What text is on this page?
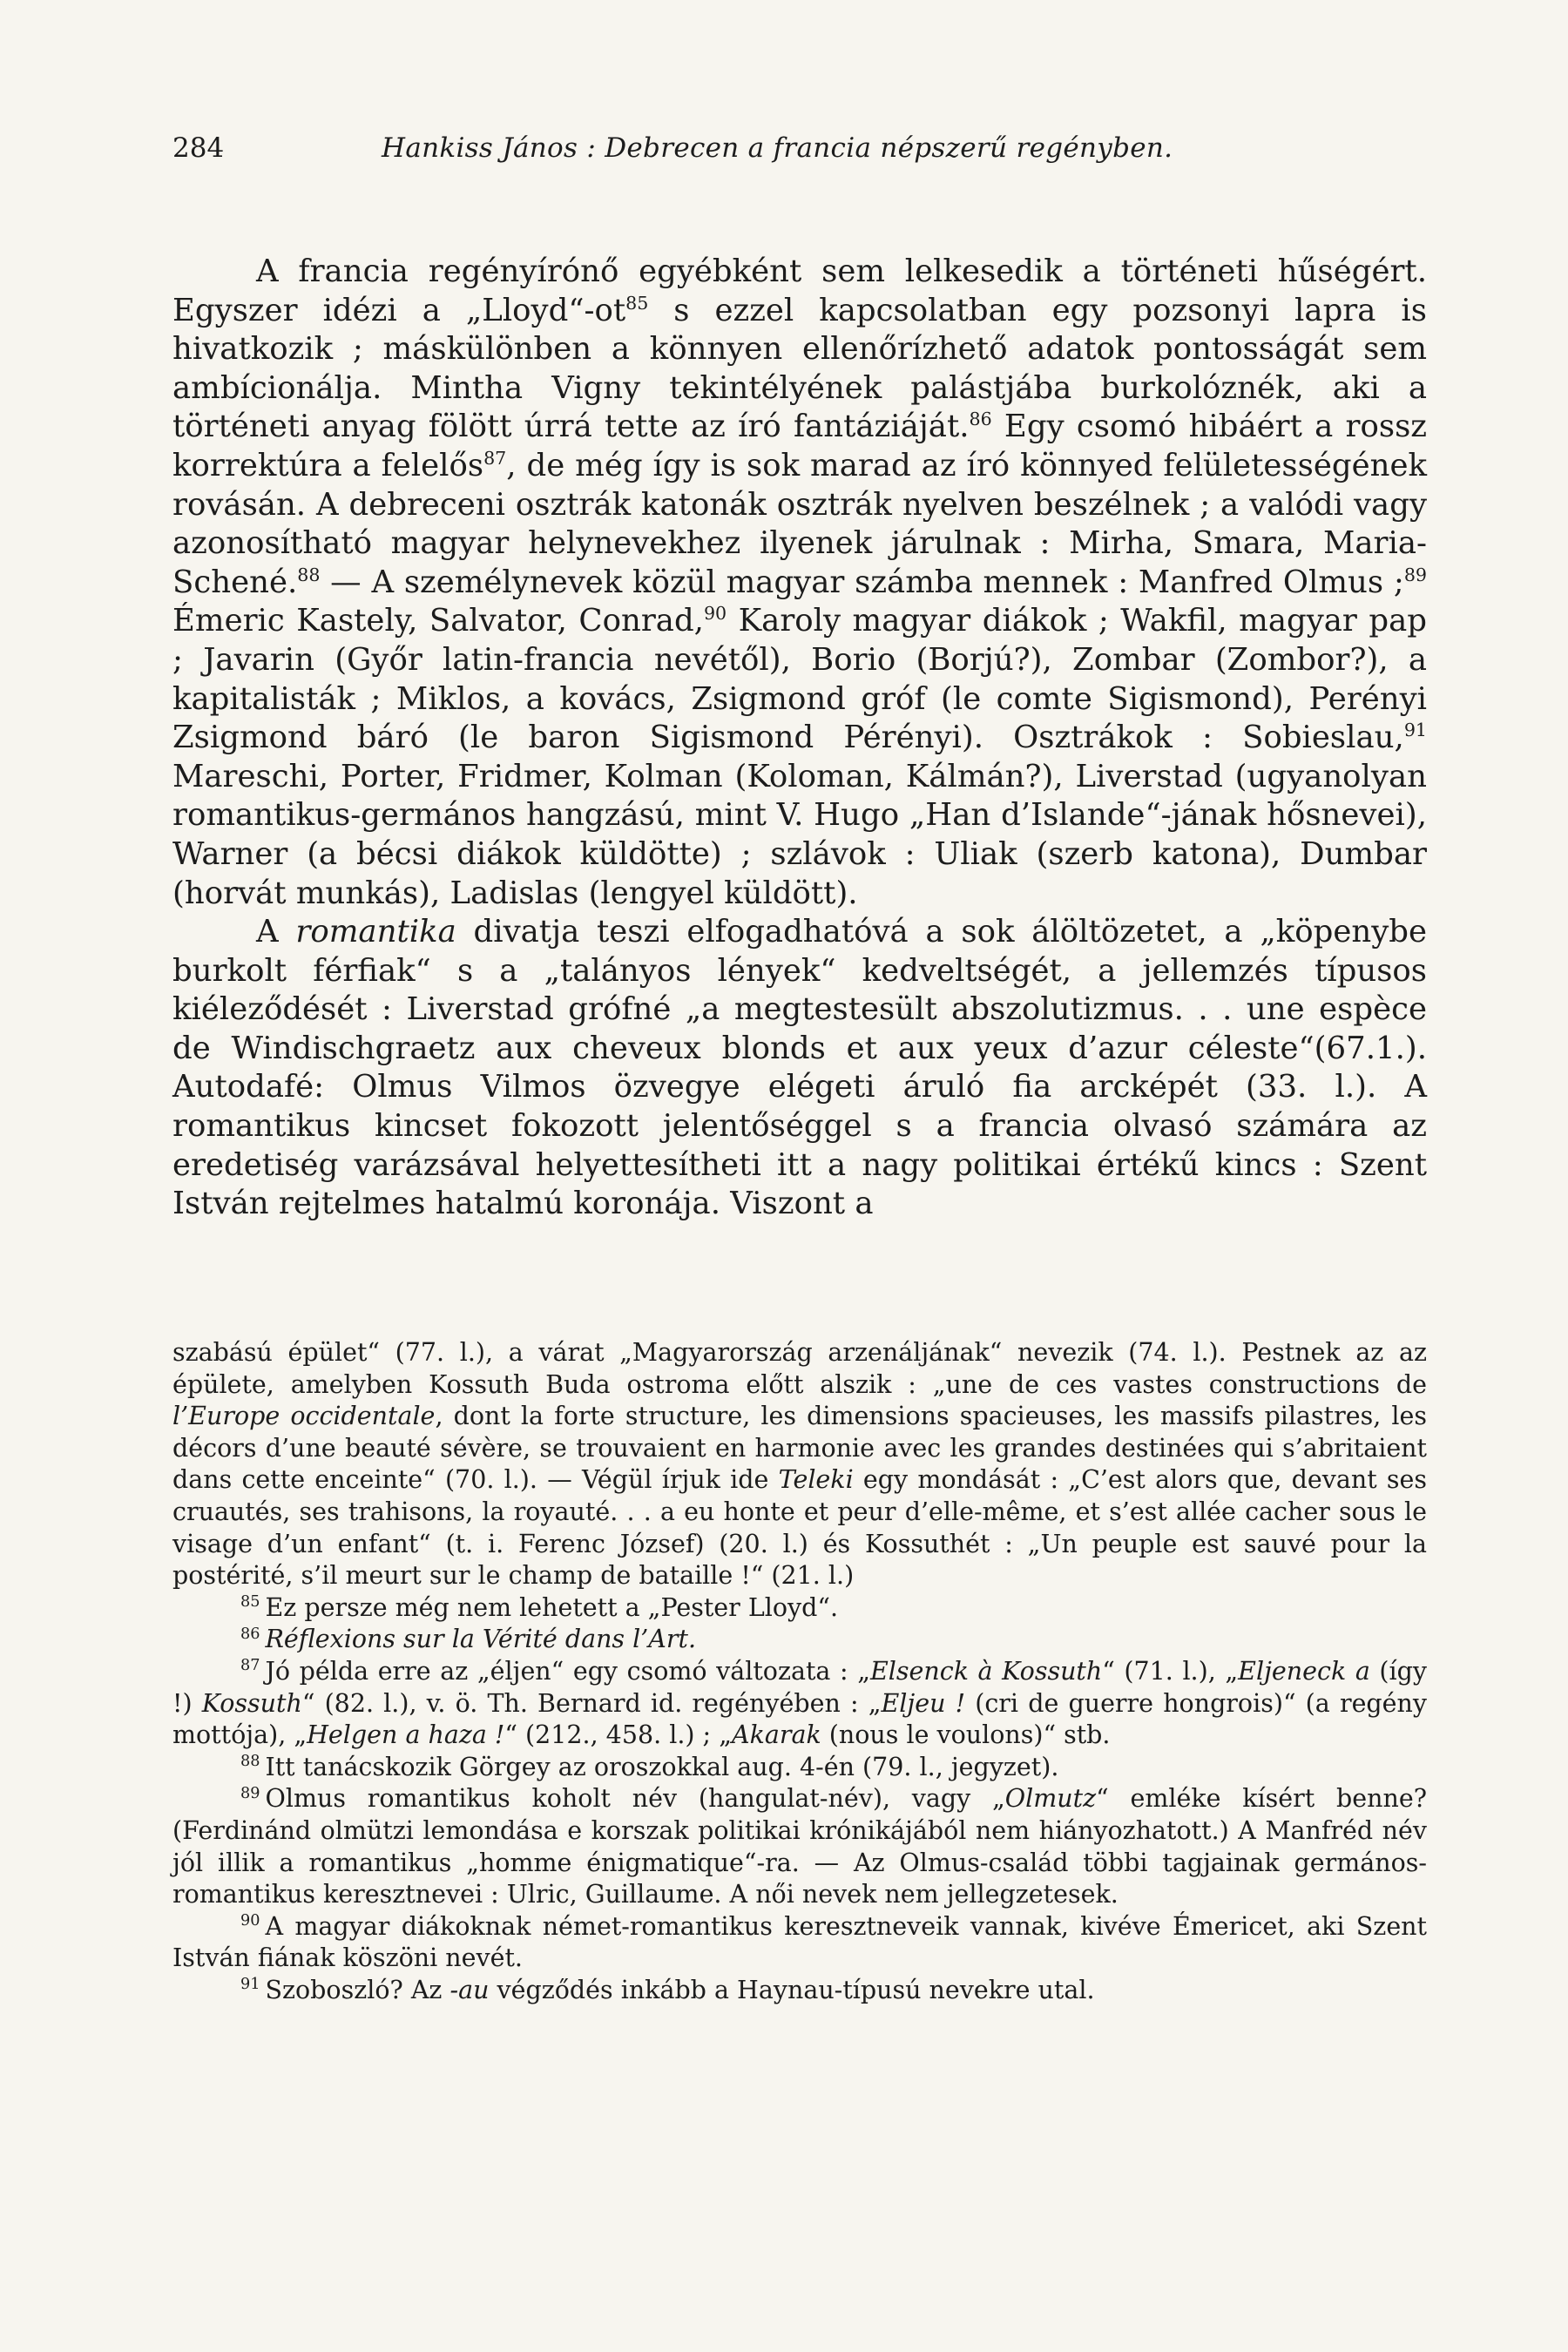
284	Hankiss János : Debrecen a francia népszerű regényben.

A francia regényírónő egyébként sem lelkesedik a történeti hűségért. Egyszer idézi a $„Lloyd“-ot^{85}$ s ezzel kapcsolatban egy pozsonyi lapra is hivatkozik ; máskülönben a könnyen ellenőrízhető adatok pontosságát sem ambícionálja. Mintha Vigny tekintélyének palástjába burkolóznék, aki a történeti anyag fölött úrrá tette az író fantáziáját.$^{86}$ Egy csomó hibáért a rossz korrektúra a felelős$^{87}$, de még így is sok marad az író könnyed felületességének rovásán. A debreceni osztrák katonák osztrák nyelven beszélnek ; a valódi vagy azonosítható magyar helynevekhez ilyenek járulnak : Mirha, Smara, Maria-Schené.$^{88}$ — A személynevek közül magyar számba mennek : Manfred Olmus ;$^{89}$ Émeric Kastely, Salvator, Conrad,$^{90}$ Karoly magyar diákok ; Wakfil, magyar pap ; Javarin (Győr latin-francia nevétől), Borio (Borjú?), Zombar (Zombor?), a kapitalisták ; Miklos, a kovács, Zsigmond gróf (le comte Sigismond), Perényi Zsigmond báró (le baron Sigismond Pérényi). Osztrákok : Sobieslau,$^{91}$ Mareschi, Porter, Fridmer, Kolman (Koloman, Kálmán?), Liverstad (ugyanolyan romantikus-germános hangzású, mint V. Hugo „Han d’Islande“-jának hősnevei), Warner (a bécsi diákok küldötte) ; szlávok : Uliak (szerb katona), Dumbar (horvát munkás), Ladislas (lengyel küldött).

A romantika divatja teszi elfogadhatóvá a sok álöltözetet, a „köpenybe burkolt férfiak“ s a „talányos lények“ kedveltségét, a jellemzés típusos kiéleződését : Liverstad grófné „a megtestesült abszolutizmus. . . une espèce de Windischgraetz aux cheveux blonds et aux yeux d’azur céleste“(67.1.). Autodafé: Olmus Vilmos özvegye elégeti áruló fia arcképét (33. l.). A romantikus kincset fokozott jelentőséggel s a francia olvasó számára az eredetiség varázsával helyettesítheti itt a nagy politikai értékű kincs : Szent István rejtelmes hatalmú koronája. Viszont a

szabású épület“ (77. l.), a várat „Magyarország arzenáljának“ nevezik (74. l.). Pestnek az az épülete, amelyben Kossuth Buda ostroma előtt alszik : „une de ces vastes constructions de l’Europe occidentale, dont la forte structure, les dimensions spacieuses, les massifs pilastres, les décors d’une beauté sévère, se trouvaient en harmonie avec les grandes destinées qui s’abritaient dans cette enceinte“ (70. l.). — Végül írjuk ide Teleki egy mondását : „C’est alors que, devant ses cruautés, ses trahisons, la royauté. . . a eu honte et peur d’elle-même, et s’est allée cacher sous le visage d’un enfant“ (t. i. Ferenc József) (20. l.) és Kossuthét : „Un peuple est sauvé pour la postérité, s’il meurt sur le champ de bataille !“ (21. l.)

$^{85}$ Ez persze még nem lehetett a „Pester Lloyd“.

$^{86}$ Réflexions sur la Vérité dans l’Art.

$^{87}$ Jó példa erre az „éljen“ egy csomó változata : „Elsenck à Kossuth“ (71. l.), „Eljeneck a (így !) Kossuth“ (82. l.), v. ö. Th. Bernard id. regényében : „Eljeu ! (cri de guerre hongrois)“ (a regény mottója), „Helgen a haza !“ (212., 458. l.) ; „Akarak (nous le voulons)“ stb.

$^{88}$ Itt tanácskozik Görgey az oroszokkal aug. 4-én (79. l., jegyzet).

$^{89}$ Olmus romantikus koholt név (hangulat-név), vagy „Olmutz“ emléke kísért benne? (Ferdinánd olmützi lemondása e korszak politikai krónikájából nem hiányozhatott.) A Manfréd név jól illik a romantikus „homme énigmatique“-ra. — Az Olmus-család többi tagjainak germános-romantikus keresztnevei : Ulric, Guillaume. A női nevek nem jellegzetesek.

$^{90}$ A magyar diákoknak német-romantikus keresztneveik vannak, kivéve Émericet, aki Szent István fiának köszöni nevét.

$^{91}$ Szoboszló? Az -au végződés inkább a Haynau-típusú nevekre utal.
